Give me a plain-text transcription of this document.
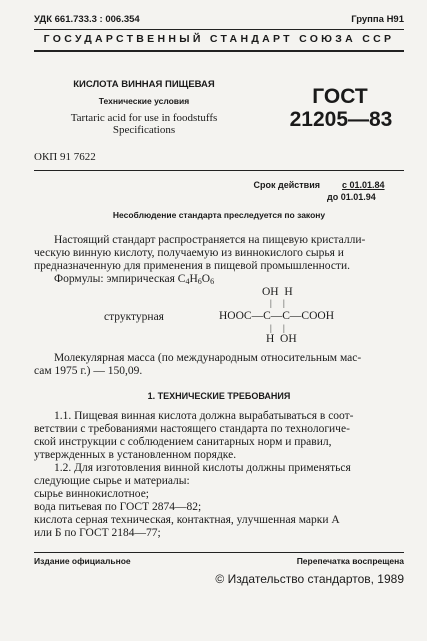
УДК 661.733.3 : 006.354	Группа Н91
ГОСУДАРСТВЕННЫЙ СТАНДАРТ СОЮЗА ССР
КИСЛОТА ВИННАЯ ПИЩЕВАЯ
Технические условия
Tartaric acid for use in foodstuffs
Specifications
ГОСТ
21205—83
ОКП 91 7622
Срок действия с 01.01.84
до 01.01.94
Несоблюдение стандарта преследуется по закону
Настоящий стандарт распространяется на пищевую кристалли-
ческую винную кислоту, получаемую из виннокислого сырья и
предназначенную для применения в пищевой промышленности.
Формулы: эмпирическая $C_4H_6O_6$
структурная
OH  H
|     |
HOOC—C—C—COOH
|     |
H  OH
Молекулярная масса (по международным относительным мас-
сам 1975 г.) — 150,09.
1. ТЕХНИЧЕСКИЕ ТРЕБОВАНИЯ
1.1. Пищевая винная кислота должна вырабатываться в соот-
ветствии с требованиями настоящего стандарта по технологиче-
ской инструкции с соблюдением санитарных норм и правил,
утвержденных в установленном порядке.
1.2. Для изготовления винной кислоты должны применяться
следующие сырье и материалы:
сырье виннокислотное;
вода питьевая по ГОСТ 2874—82;
кислота серная техническая, контактная, улучшенная марки А
или Б по ГОСТ 2184—77;
Издание официальное	Перепечатка воспрещена
© Издательство стандартов, 1989
